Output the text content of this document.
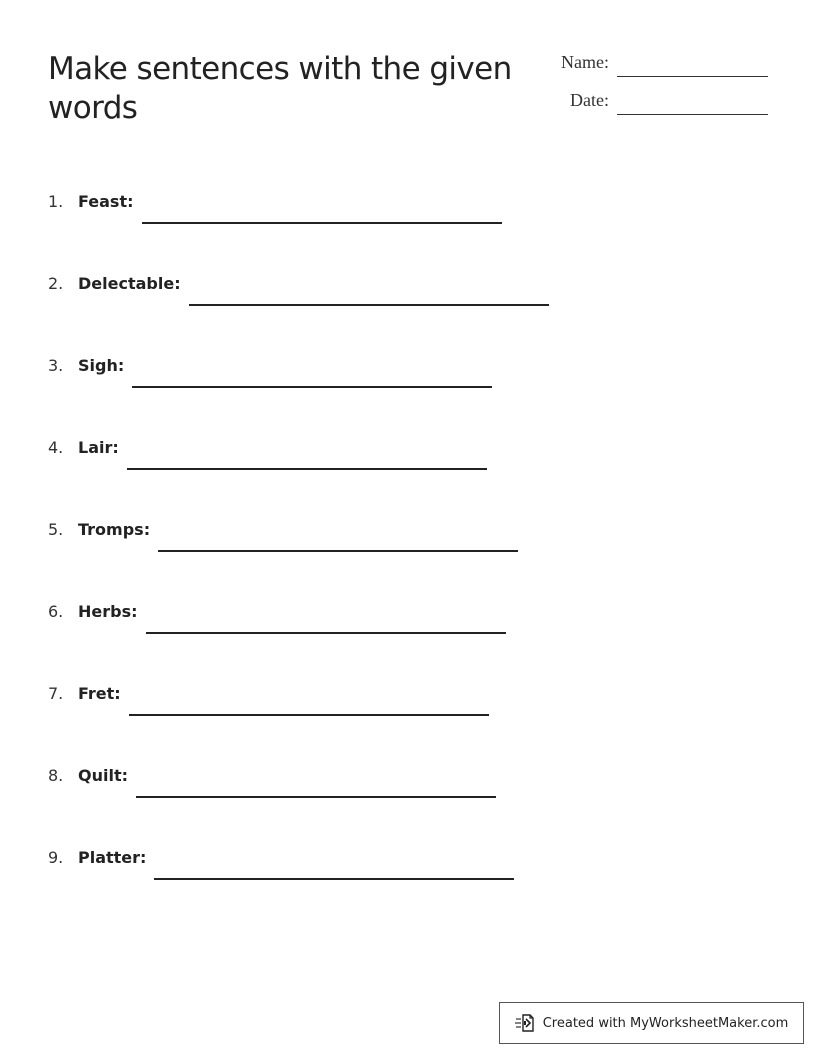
Make sentences with the given words
Name:
Date:
1. Feast:
2. Delectable:
3. Sigh:
4. Lair:
5. Tromps:
6. Herbs:
7. Fret:
8. Quilt:
9. Platter:
Created with MyWorksheetMaker.com
